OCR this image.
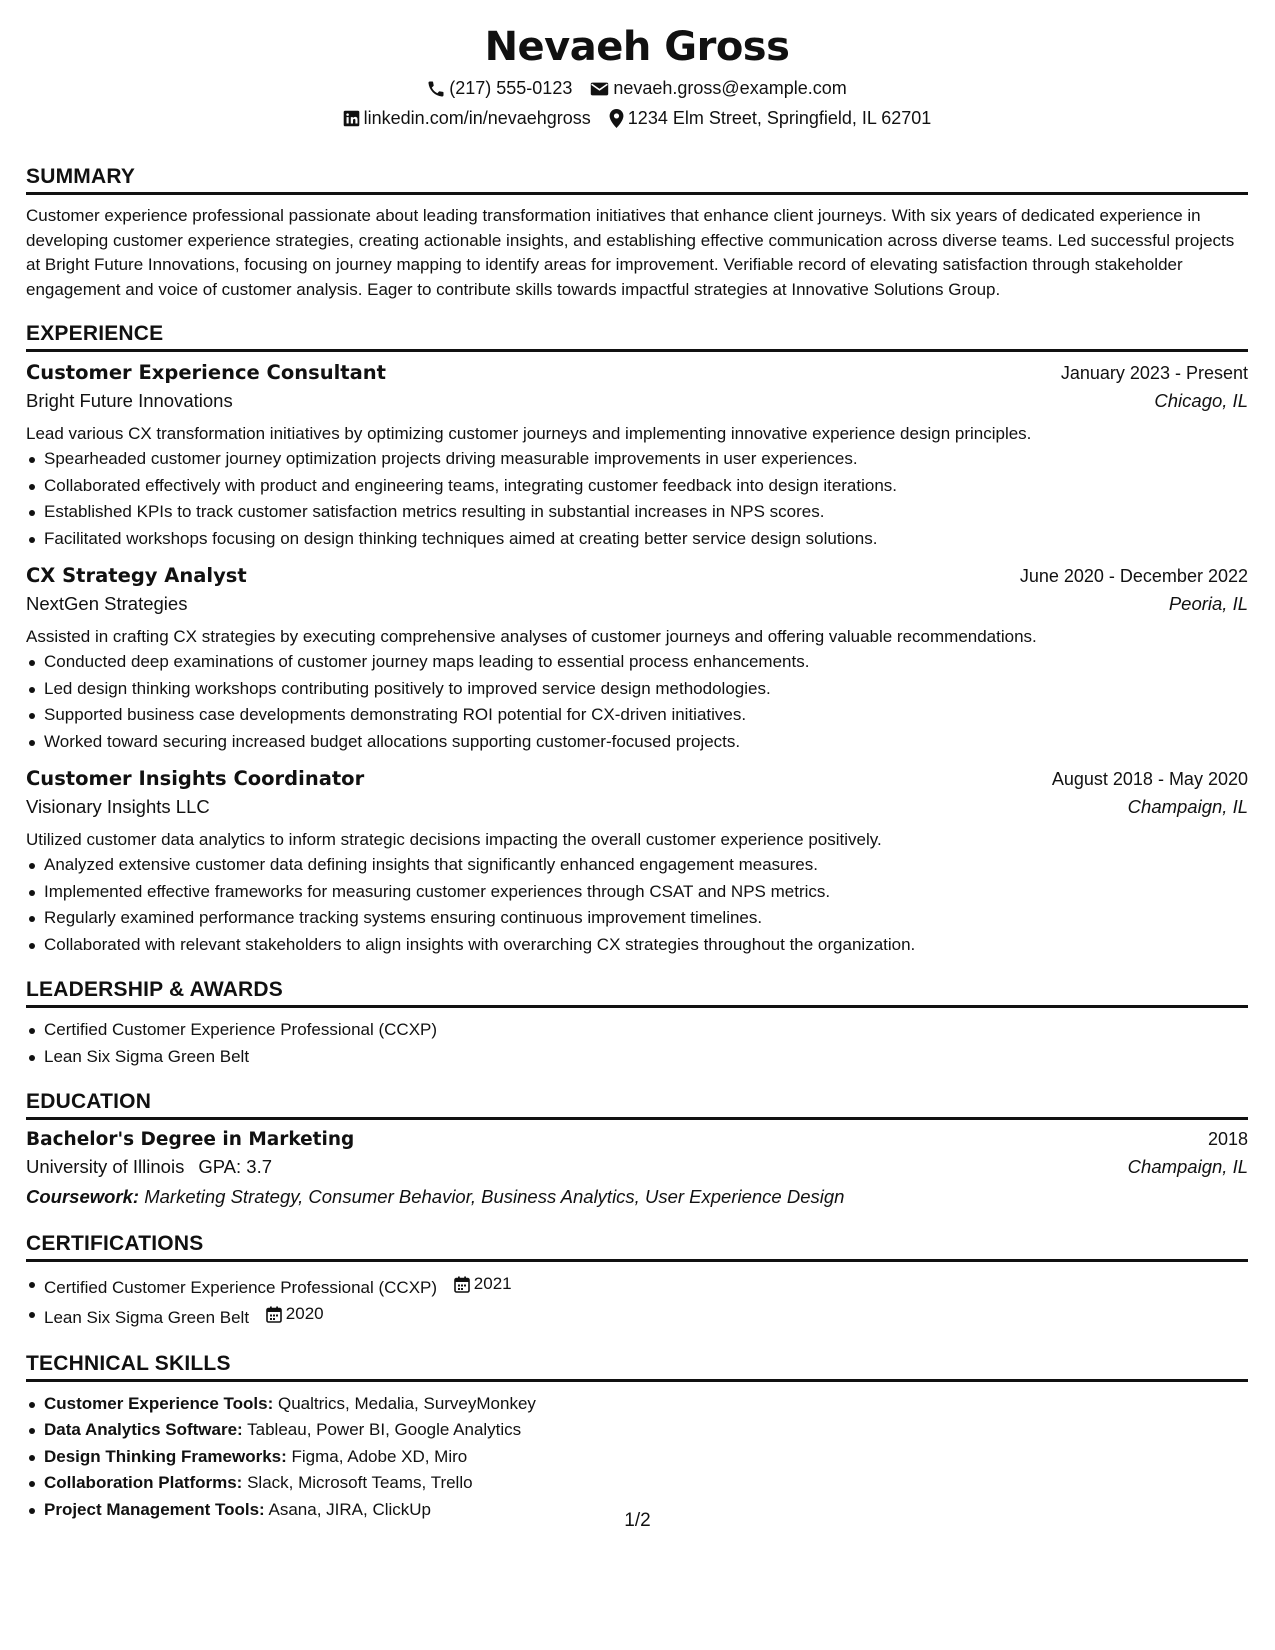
Nevaeh Gross
(217) 555-0123 nevaeh.gross@example.com
linkedin.com/in/nevaehgross 1234 Elm Street, Springfield, IL 62701
SUMMARY

Customer experience professional passionate about leading transformation initiatives that enhance client journeys. With six years of dedicated experience in developing customer experience strategies, creating actionable insights, and establishing effective communication across diverse teams. Led successful projects at Bright Future Innovations, focusing on journey mapping to identify areas for improvement. Verifiable record of elevating satisfaction through stakeholder engagement and voice of customer analysis. Eager to contribute skills towards impactful strategies at Innovative Solutions Group.

EXPERIENCE
Customer Experience Consultant	January 2023 - Present
Bright Future Innovations	Chicago, IL

Lead various CX transformation initiatives by optimizing customer journeys and implementing innovative experience design principles.

Spearheaded customer journey optimization projects driving measurable improvements in user experiences.
Collaborated effectively with product and engineering teams, integrating customer feedback into design iterations.
Established KPIs to track customer satisfaction metrics resulting in substantial increases in NPS scores.
Facilitated workshops focusing on design thinking techniques aimed at creating better service design solutions.
CX Strategy Analyst	June 2020 - December 2022
NextGen Strategies	Peoria, IL

Assisted in crafting CX strategies by executing comprehensive analyses of customer journeys and offering valuable recommendations.

Conducted deep examinations of customer journey maps leading to essential process enhancements.
Led design thinking workshops contributing positively to improved service design methodologies.
Supported business case developments demonstrating ROI potential for CX-driven initiatives.
Worked toward securing increased budget allocations supporting customer-focused projects.
Customer Insights Coordinator	August 2018 - May 2020
Visionary Insights LLC	Champaign, IL

Utilized customer data analytics to inform strategic decisions impacting the overall customer experience positively.

Analyzed extensive customer data defining insights that significantly enhanced engagement measures.
Implemented effective frameworks for measuring customer experiences through CSAT and NPS metrics.
Regularly examined performance tracking systems ensuring continuous improvement timelines.
Collaborated with relevant stakeholders to align insights with overarching CX strategies throughout the organization.
LEADERSHIP & AWARDS
Certified Customer Experience Professional (CCXP)
Lean Six Sigma Green Belt
EDUCATION
Bachelor's Degree in Marketing	2018
University of Illinois GPA: 3.7	Champaign, IL

Coursework: Marketing Strategy, Consumer Behavior, Business Analytics, User Experience Design

CERTIFICATIONS
Certified Customer Experience Professional (CCXP) 2021
Lean Six Sigma Green Belt 2020
TECHNICAL SKILLS
Customer Experience Tools: Qualtrics, Medalia, SurveyMonkey
Data Analytics Software: Tableau, Power BI, Google Analytics
Design Thinking Frameworks: Figma, Adobe XD, Miro
Collaboration Platforms: Slack, Microsoft Teams, Trello
Project Management Tools: Asana, JIRA, ClickUp
1/2
